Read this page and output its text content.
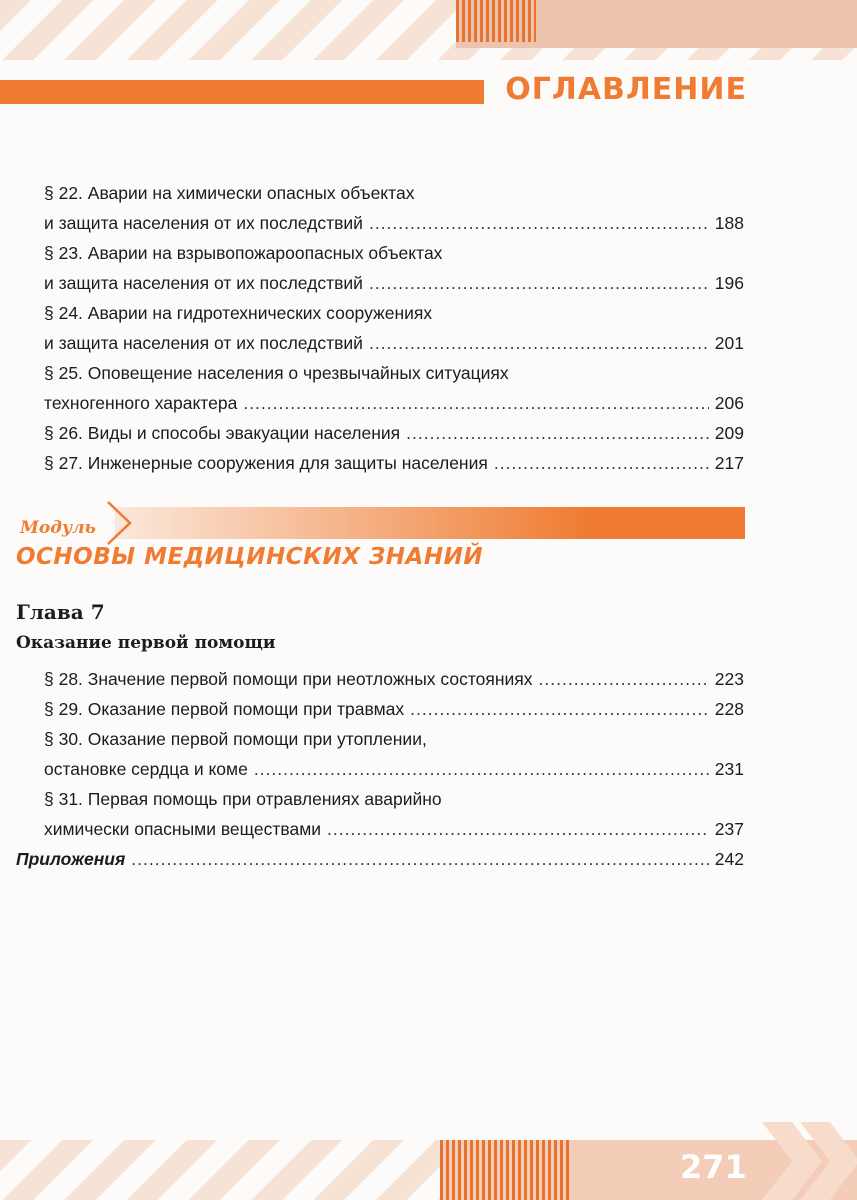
ОГЛАВЛЕНИЕ
§ 22. Аварии на химически опасных объектах
и защита населения от их последствий .....	188
§ 23. Аварии на взрывопожароопасных объектах
и защита населения от их последствий .....	196
§ 24. Аварии на гидротехнических сооружениях
и защита населения от их последствий .....	201
§ 25. Оповещение населения о чрезвычайных ситуациях
техногенного характера .....	206
§ 26. Виды и способы эвакуации населения .....	209
§ 27. Инженерные сооружения для защиты населения .....	217

Модуль

ОСНОВЫ МЕДИЦИНСКИХ ЗНАНИЙ

Глава 7

Оказание первой помощи

§ 28. Значение первой помощи при неотложных состояниях .....	223
§ 29. Оказание первой помощи при травмах .....	228
§ 30. Оказание первой помощи при утоплении,
остановке сердца и коме .....	231
§ 31. Первая помощь при отравлениях аварийно
химически опасными веществами .....	237
Приложения .....	242

271
